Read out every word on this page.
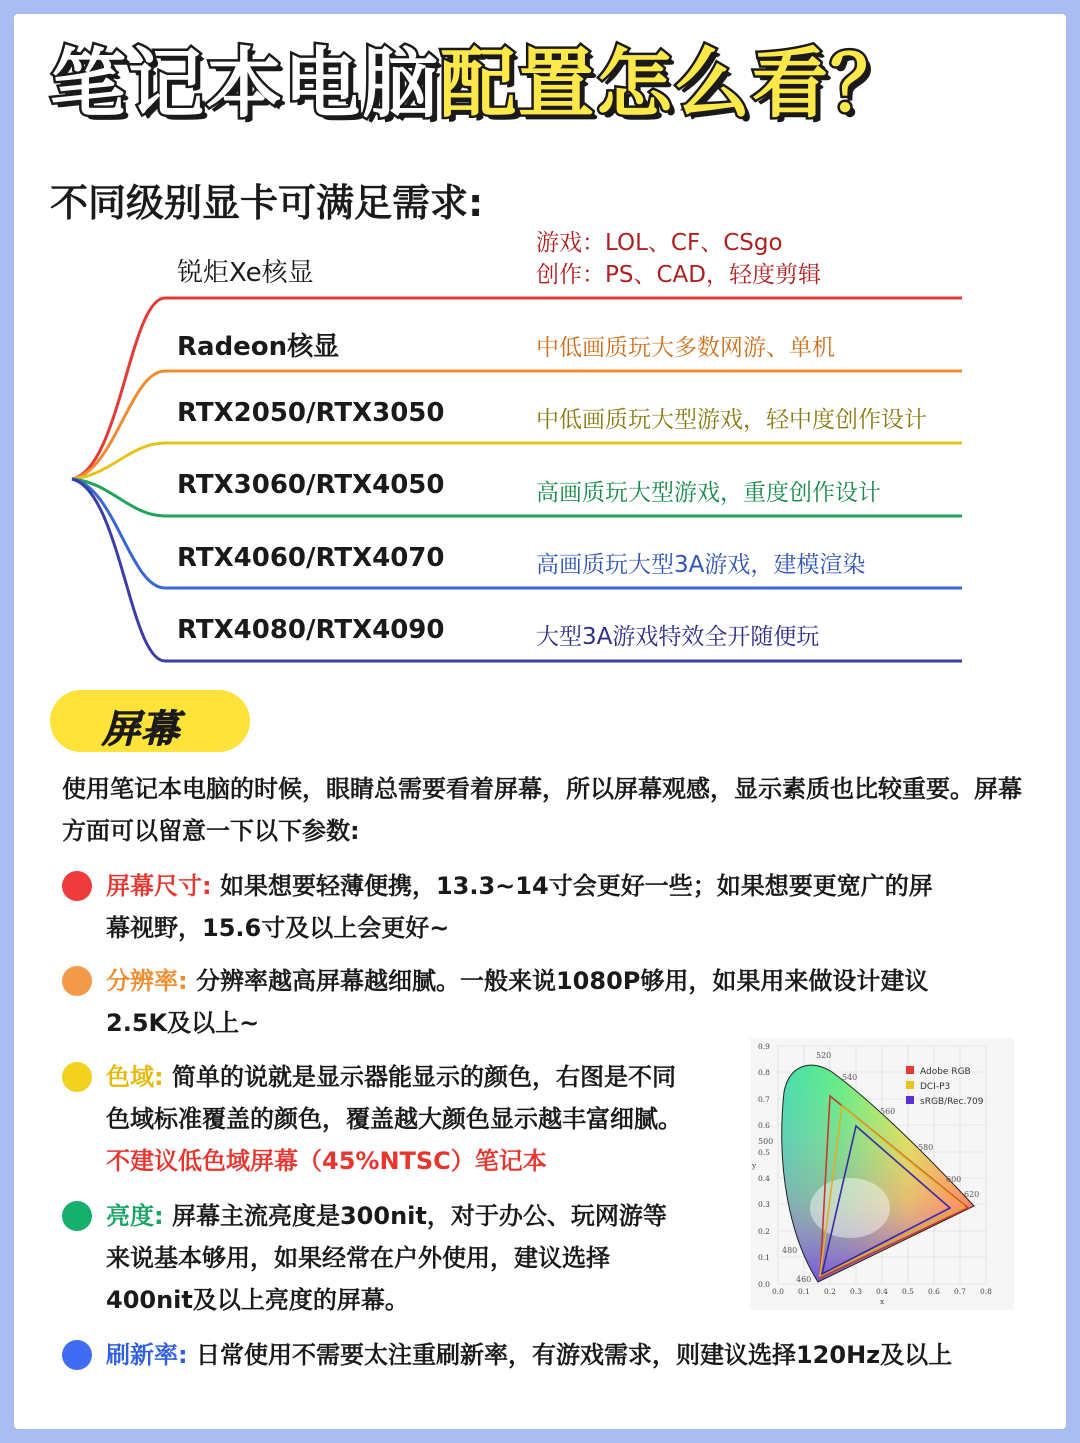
笔记本电脑配置怎么看？
不同级别显卡可满足需求:
锐炬Xe核显
Radeon核显
RTX2050/RTX3050
RTX3060/RTX4050
RTX4060/RTX4070
RTX4080/RTX4090
游戏：LOL、CF、CSgo
创作：PS、CAD，轻度剪辑
中低画质玩大多数网游、单机
中低画质玩大型游戏，轻中度创作设计
高画质玩大型游戏，重度创作设计
高画质玩大型3A游戏，建模渲染
大型3A游戏特效全开随便玩
屏幕
使用笔记本电脑的时候，眼睛总需要看着屏幕，所以屏幕观感，显示素质也比较重要。屏幕方面可以留意一下以下参数:
屏幕尺寸: 如果想要轻薄便携，13.3~14寸会更好一些；如果想要更宽广的屏
幕视野，15.6寸及以上会更好~
分辨率: 分辨率越高屏幕越细腻。一般来说1080P够用，如果用来做设计建议
2.5K及以上~
色域: 简单的说就是显示器能显示的颜色，右图是不同
色域标准覆盖的颜色，覆盖越大颜色显示越丰富细腻。
不建议低色域屏幕（45%NTSC）笔记本
亮度: 屏幕主流亮度是300nit，对于办公、玩网游等
来说基本够用，如果经常在户外使用，建议选择
400nit及以上亮度的屏幕。
刷新率: 日常使用不需要太注重刷新率，有游戏需求，则建议选择120Hz及以上
520
540
560
580
600
620
500
480
460
0.9
0.8
0.7
0.6
0.5
0.4
0.3
0.2
0.1
0.0
y
0.0 0.1 0.2 0.3 0.4 0.5 0.6 0.7 0.8
x
Adobe RGB
DCI-P3
sRGB/Rec.709
